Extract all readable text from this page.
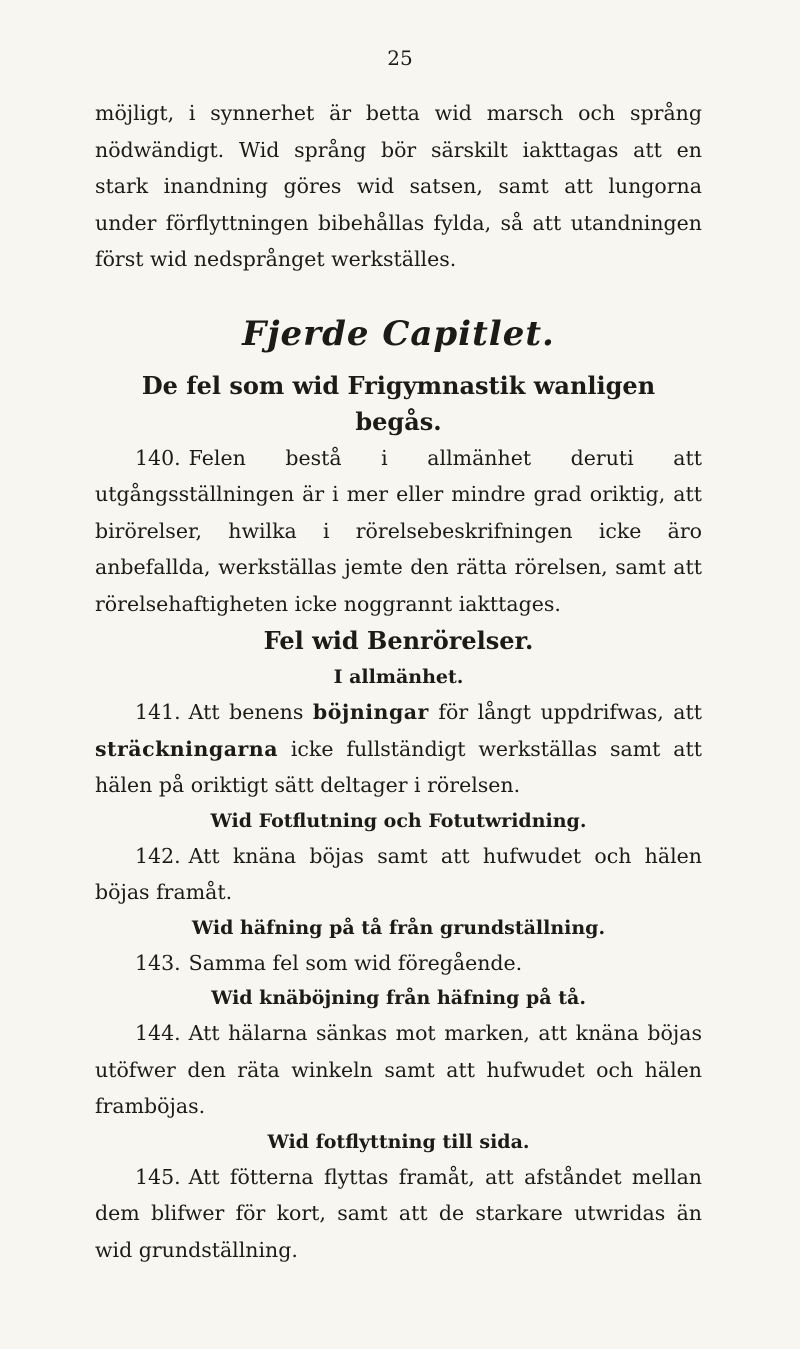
25

möjligt, i synnerhet är betta wid marsch och språng nödwändigt. Wid språng bör särskilt iakttagas att en stark inandning göres wid satsen, samt att lungorna under förflyttningen bibehållas fylda, så att utandningen först wid nedsprånget werkställes.

Fjerde Capitlet.
De fel som wid Frigymnastik wanligen begås.

140. Felen bestå i allmänhet deruti att utgångsställningen är i mer eller mindre grad oriktig, att birörelser, hwilka i rörelsebeskrifningen icke äro anbefallda, werkställas jemte den rätta rörelsen, samt att rörelsehaftigheten icke noggrannt iakttages.

Fel wid Benrörelser.
I allmänhet.

141. Att benens böjningar för långt uppdrifwas, att sträckningarna icke fullständigt werkställas samt att hälen på oriktigt sätt deltager i rörelsen.

Wid Fotflutning och Fotutwridning.

142. Att knäna böjas samt att hufwudet och hälen böjas framåt.

Wid häfning på tå från grundställning.

143. Samma fel som wid föregående.

Wid knäböjning från häfning på tå.

144. Att hälarna sänkas mot marken, att knäna böjas utöfwer den räta winkeln samt att hufwudet och hälen framböjas.

Wid fotflyttning till sida.

145. Att fötterna flyttas framåt, att afståndet mellan dem blifwer för kort, samt att de starkare utwridas än wid grundställning.
